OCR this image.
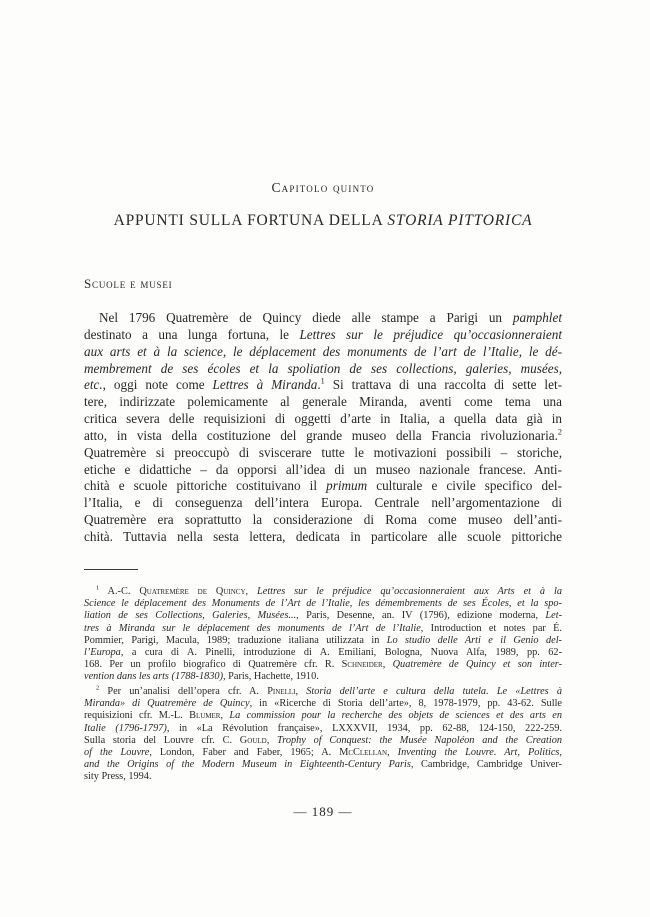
Capitolo quinto
APPUNTI SULLA FORTUNA DELLA STORIA PITTORICA
Scuole e musei
Nel 1796 Quatremère de Quincy diede alle stampe a Parigi un pamphlet
destinato a una lunga fortuna, le Lettres sur le préjudice qu’occasionneraient
aux arts et à la science, le déplacement des monuments de l’art de l’Italie, le dé-
membrement de ses écoles et la spoliation de ses collections, galeries, musées,
etc., oggi note come Lettres à Miranda.$^1$ Si trattava di una raccolta di sette let-
tere, indirizzate polemicamente al generale Miranda, aventi come tema una
critica severa delle requisizioni di oggetti d’arte in Italia, a quella data già in
atto, in vista della costituzione del grande museo della Francia rivoluzionaria.$^2$
Quatremère si preoccupò di sviscerare tutte le motivazioni possibili – storiche,
etiche e didattiche – da opporsi all’idea di un museo nazionale francese. Anti-
chità e scuole pittoriche costituivano il primum culturale e civile specifico del-
l’Italia, e di conseguenza dell’intera Europa. Centrale nell’argomentazione di
Quatremère era soprattutto la considerazione di Roma come museo dell’anti-
chità. Tuttavia nella sesta lettera, dedicata in particolare alle scuole pittoriche
$^1$ A.-C. Quatremère de Quincy, Lettres sur le préjudice qu’occasionneraient aux Arts et à la
Science le déplacement des Monuments de l’Art de l’Italie, les démembrements de ses Écoles, et la spo-
liation de ses Collections, Galeries, Musées..., Paris, Desenne, an. IV (1796), edizione moderna, Let-
tres à Miranda sur le déplacement des monuments de l’Art de l’Italie, Introduction et notes par É.
Pommier, Parigi, Macula, 1989; traduzione italiana utilizzata in Lo studio delle Arti e il Genio del-
l’Europa, a cura di A. Pinelli, introduzione di A. Emiliani, Bologna, Nuova Alfa, 1989, pp. 62-
168. Per un profilo biografico di Quatremère cfr. R. Schneider, Quatremère de Quincy et son inter-
vention dans les arts (1788-1830), Paris, Hachette, 1910.
$^2$ Per un’analisi dell’opera cfr. A. Pinelli, Storia dell’arte e cultura della tutela. Le «Lettres à
Miranda» di Quatremère de Quincy, in «Ricerche di Storia dell’arte», 8, 1978-1979, pp. 43-62. Sulle
requisizioni cfr. M.-L. Blumer, La commission pour la recherche des objets de sciences et des arts en
Italie (1796-1797), in «La Révolution française», LXXXVII, 1934, pp. 62-88, 124-150, 222-259.
Sulla storia del Louvre cfr. C. Gould, Trophy of Conquest: the Musée Napoléon and the Creation
of the Louvre, London, Faber and Faber, 1965; A. McClellan, Inventing the Louvre. Art, Politics,
and the Origins of the Modern Museum in Eighteenth-Century Paris, Cambridge, Cambridge Univer-
sity Press, 1994.
— 189 —
